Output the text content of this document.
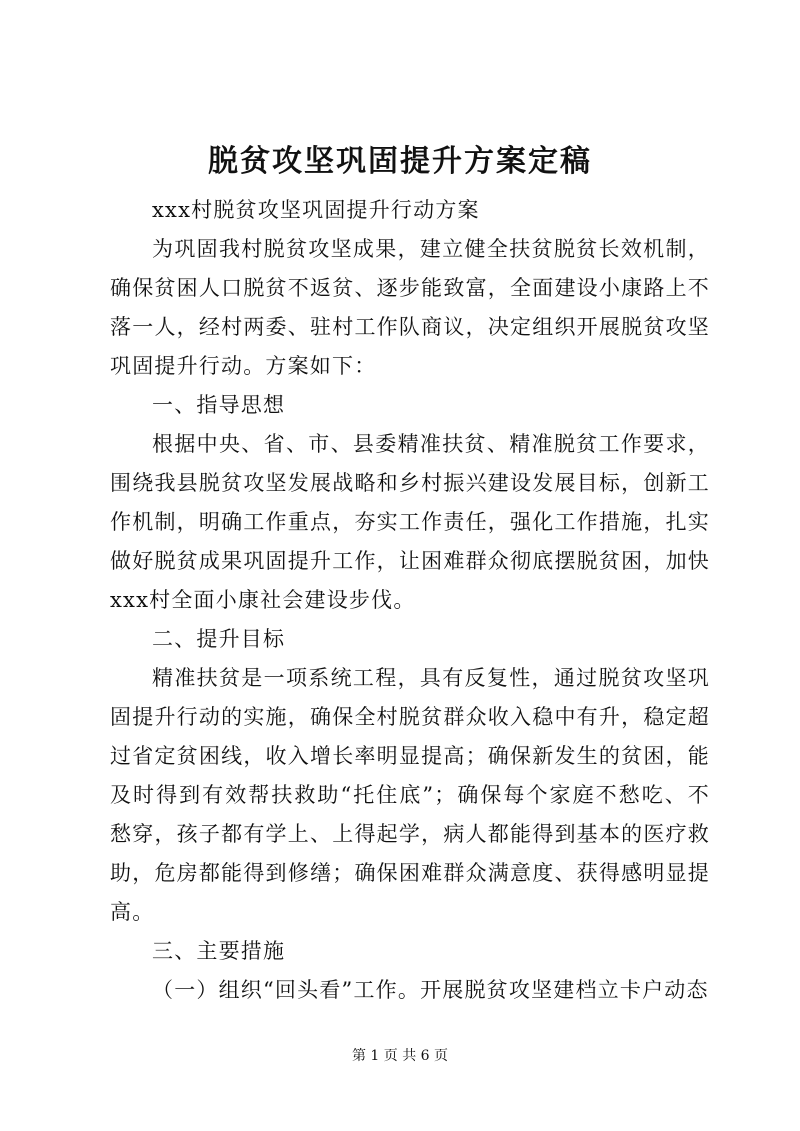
脱贫攻坚巩固提升方案定稿

xxx村脱贫攻坚巩固提升行动方案

为巩固我村脱贫攻坚成果，建立健全扶贫脱贫长效机制，确保贫困人口脱贫不返贫、逐步能致富，全面建设小康路上不落一人，经村两委、驻村工作队商议，决定组织开展脱贫攻坚巩固提升行动。方案如下：

一、指导思想

根据中央、省、市、县委精准扶贫、精准脱贫工作要求，围绕我县脱贫攻坚发展战略和乡村振兴建设发展目标，创新工作机制，明确工作重点，夯实工作责任，强化工作措施，扎实做好脱贫成果巩固提升工作，让困难群众彻底摆脱贫困，加快xxx村全面小康社会建设步伐。

二、提升目标

精准扶贫是一项系统工程，具有反复性，通过脱贫攻坚巩固提升行动的实施，确保全村脱贫群众收入稳中有升，稳定超过省定贫困线，收入增长率明显提高；确保新发生的贫困，能及时得到有效帮扶救助“托住底”；确保每个家庭不愁吃、不愁穿，孩子都有学上、上得起学，病人都能得到基本的医疗救助，危房都能得到修缮；确保困难群众满意度、获得感明显提高。

三、主要措施

（一）组织“回头看”工作。开展脱贫攻坚建档立卡户动态

第 1 页 共 6 页
